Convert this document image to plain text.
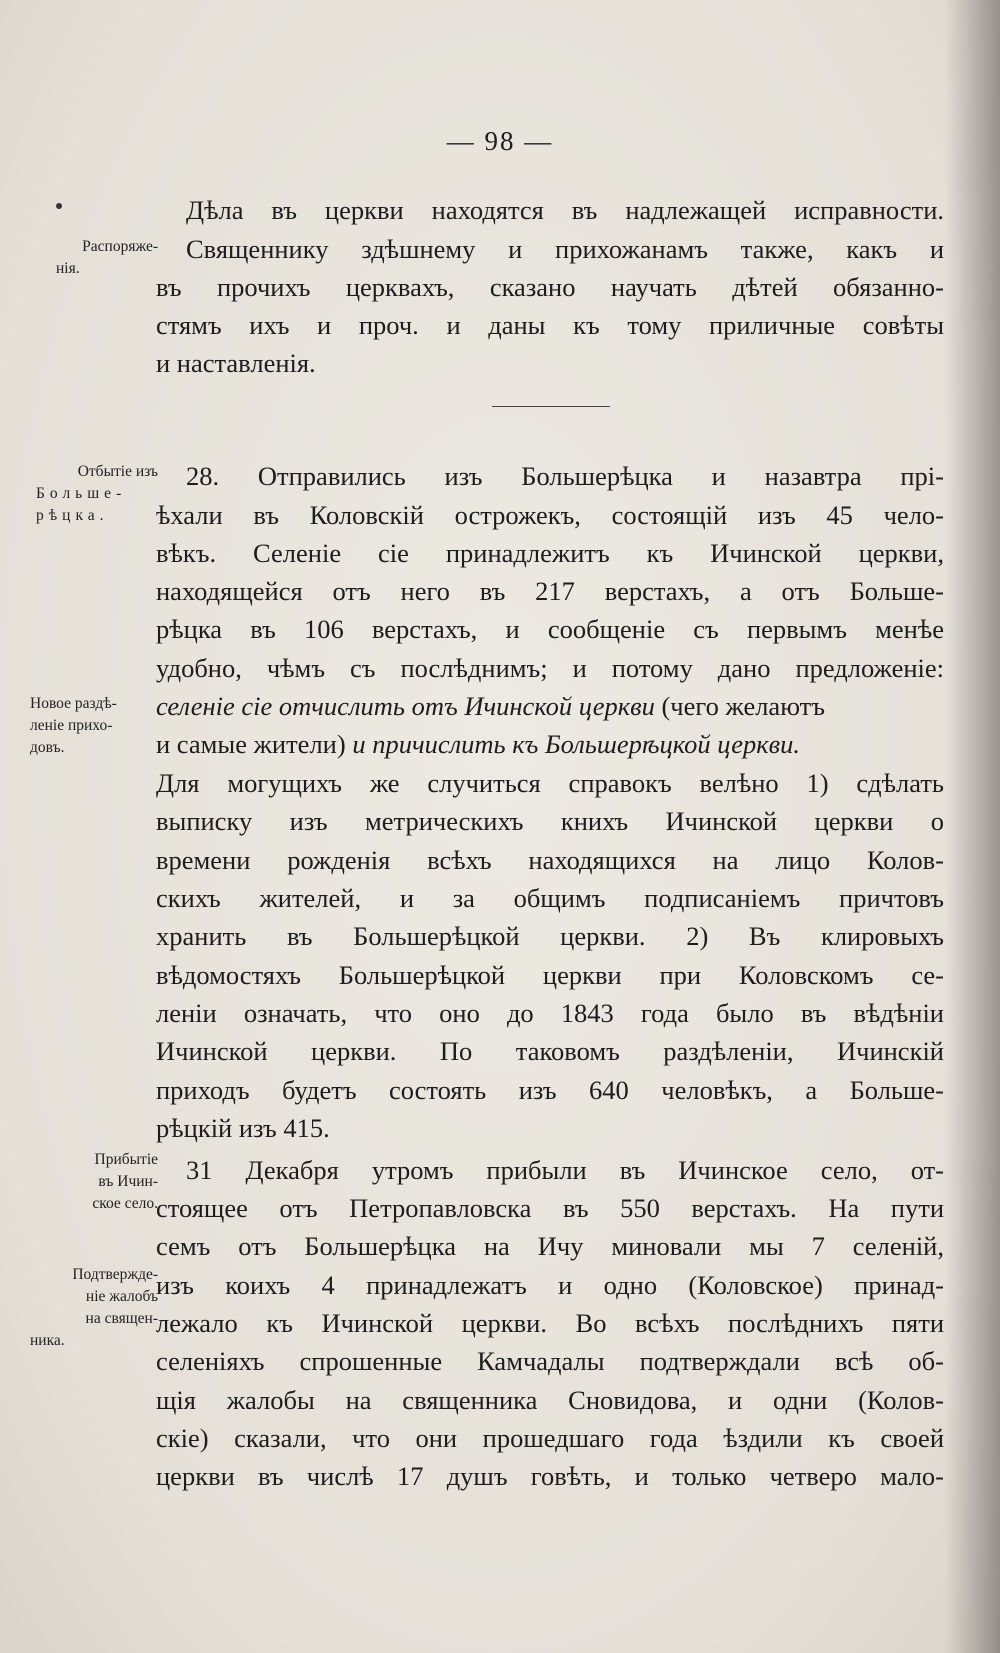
— 98 —
Распоряже-
нія.
Отбытіе изъ
Больше-
рѣцка.
Новое раздѣ-
леніе прихо-
довъ.
Прибытіе
въ Ичин-
ское село.
Подтвержде-
ніе жалобъ
на священ-
ника.
Дѣла въ церкви находятся въ надлежащей исправности.
Священнику здѣшнему и прихожанамъ также, какъ и
въ прочихъ церквахъ, сказано научать дѣтей обязанно-
стямъ ихъ и проч. и даны къ тому приличные совѣты
и наставленія.
28. Отправились изъ Большерѣцка и назавтра прі-
ѣхали въ Коловскій острожекъ, состоящій изъ 45 чело-
вѣкъ. Селеніе сіе принадлежитъ къ Ичинской церкви,
находящейся отъ него въ 217 верстахъ, а отъ Больше-
рѣцка въ 106 верстахъ, и сообщеніе съ первымъ менѣе
удобно, чѣмъ съ послѣднимъ; и потому дано предложеніе:
селеніе сіе отчислить отъ Ичинской церкви (чего желаютъ
и самые жители) и причислить къ Большерѣцкой церкви.
Для могущихъ же случиться справокъ велѣно 1) сдѣлать
выписку изъ метрическихъ книхъ Ичинской церкви о
времени рожденія всѣхъ находящихся на лицо Колов-
скихъ жителей, и за общимъ подписаніемъ причтовъ
хранить въ Большерѣцкой церкви. 2) Въ клировыхъ
вѣдомостяхъ Большерѣцкой церкви при Коловскомъ се-
леніи означать, что оно до 1843 года было въ вѣдѣніи
Ичинской церкви. По таковомъ раздѣленіи, Ичинскій
приходъ будетъ состоять изъ 640 человѣкъ, а Больше-
рѣцкій изъ 415.
31 Декабря утромъ прибыли въ Ичинское село, от-
стоящее отъ Петропавловска въ 550 верстахъ. На пути
семъ отъ Большерѣцка на Ичу миновали мы 7 селеній,
изъ коихъ 4 принадлежатъ и одно (Коловское) принад-
лежало къ Ичинской церкви. Во всѣхъ послѣднихъ пяти
селеніяхъ спрошенные Камчадалы подтверждали всѣ об-
щія жалобы на священника Сновидова, и одни (Колов-
скіе) сказали, что они прошедшаго года ѣздили къ своей
церкви въ числѣ 17 душъ говѣть, и только четверо мало-
